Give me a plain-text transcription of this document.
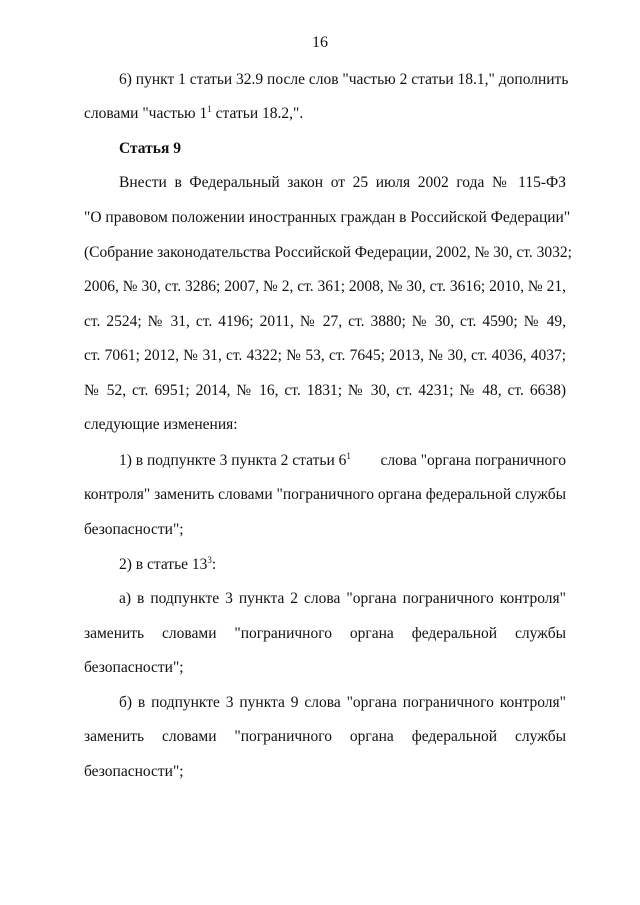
16
6) пункт 1 статьи 32.9 после слов "частью 2 статьи 18.1," дополнить
словами "частью $1^1$ статьи 18.2,".
Статья 9
Внести в Федеральный закон от 25 июля 2002 года № 115-ФЗ
"О правовом положении иностранных граждан в Российской Федерации"
(Собрание законодательства Российской Федерации, 2002, № 30, ст. 3032;
2006, № 30, ст. 3286; 2007, № 2, ст. 361; 2008, № 30, ст. 3616; 2010, № 21,
ст. 2524; № 31, ст. 4196; 2011, № 27, ст. 3880; № 30, ст. 4590; № 49,
ст. 7061; 2012, № 31, ст. 4322; № 53, ст. 7645; 2013, № 30, ст. 4036, 4037;
№ 52, ст. 6951; 2014, № 16, ст. 1831; № 30, ст. 4231; № 48, ст. 6638)
следующие изменения:
1) в подпункте 3 пункта 2 статьи $6^1$ слова "органа пограничного
контроля" заменить словами "пограничного органа федеральной службы
безопасности";
2) в статье $13^3$:
а) в подпункте 3 пункта 2 слова "органа пограничного контроля"
заменить словами "пограничного органа федеральной службы
безопасности";
б) в подпункте 3 пункта 9 слова "органа пограничного контроля"
заменить словами "пограничного органа федеральной службы
безопасности";
